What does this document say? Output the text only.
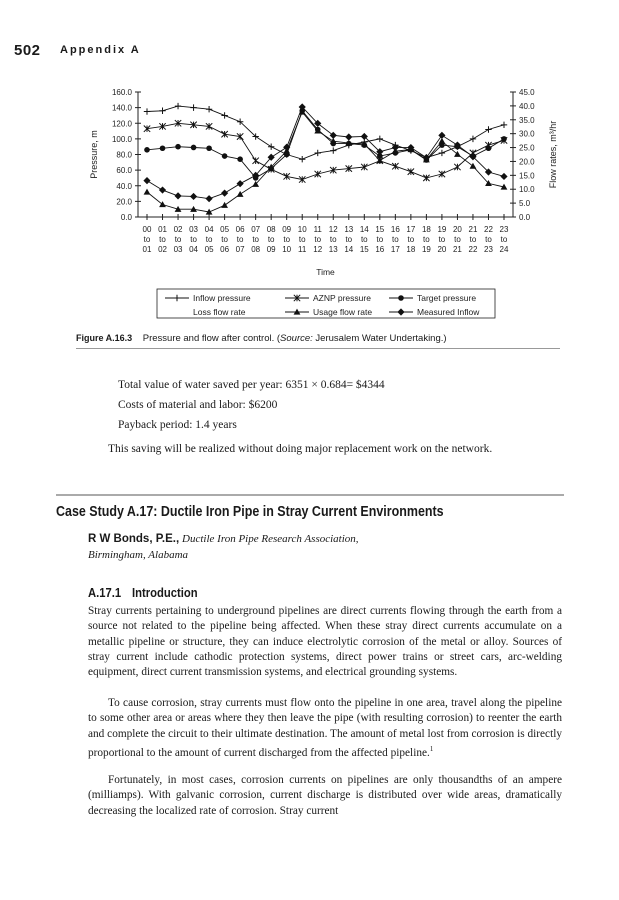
502 Appendix A
0.0
20.0
40.0
60.0
80.0
100.0
120.0
140.0
160.0
0.0
5.0
10.0
15.0
20.0
25.0
30.0
35.0
40.0
45.0
00
to
01
01
to
02
02
to
03
03
to
04
04
to
05
05
to
06
06
to
07
07
to
08
08
to
09
09
to
10
10
to
11
11
to
12
12
to
13
13
to
14
14
to
15
15
to
16
16
to
17
17
to
18
18
to
19
19
to
20
20
to
21
21
to
22
22
to
23
23
to
24
Time
Pressure, m	Flow rates, m³/hr
Inflow pressure	AZNP pressure	Target pressure
Loss flow rate	Usage flow rate	Measured Inflow
Figure A.16.3 Pressure and flow after control. (Source: Jerusalem Water Undertaking.)
Total value of water saved per year: 6351 × 0.684= $4344
Costs of material and labor: $6200
Payback period: 1.4 years
This saving will be realized without doing major replacement work on the network.
Case Study A.17: Ductile Iron Pipe in Stray Current Environments
R W Bonds, P.E., Ductile Iron Pipe Research Association,
Birmingham, Alabama
A.17.1 Introduction
Stray currents pertaining to underground pipelines are direct currents flowing through the earth from a source not related to the pipeline being affected. When these stray direct currents accumulate on a metallic pipeline or structure, they can induce electrolytic corrosion of the metal or alloy. Sources of stray current include cathodic protection systems, direct power trains or street cars, arc-welding equipment, direct current transmission systems, and electrical grounding systems.
To cause corrosion, stray currents must flow onto the pipeline in one area, travel along the pipeline to some other area or areas where they then leave the pipe (with resulting corrosion) to reenter the earth and complete the circuit to their ultimate destination. The amount of metal lost from corrosion is directly proportional to the amount of current discharged from the affected pipeline.$^1$
Fortunately, in most cases, corrosion currents on pipelines are only thousandths of an ampere (milliamps). With galvanic corrosion, current discharge is distributed over wide areas, dramatically decreasing the localized rate of corrosion. Stray current
